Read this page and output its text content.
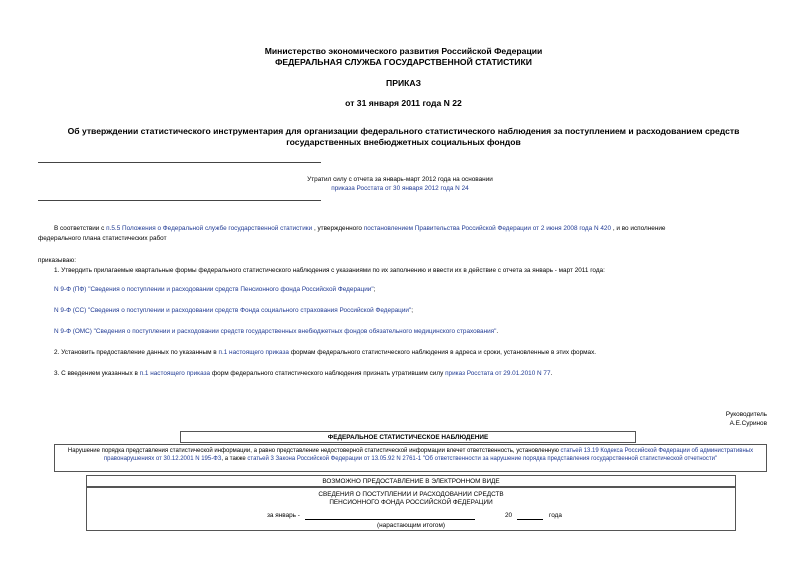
Министерство экономического развития Российской Федерации
ФЕДЕРАЛЬНАЯ СЛУЖБА ГОСУДАРСТВЕННОЙ СТАТИСТИКИ
ПРИКАЗ
от 31 января 2011 года N 22
Об утверждении статистического инструментария для организации федерального статистического наблюдения за поступлением и расходованием средств
государственных внебюджетных социальных фондов
Утратил силу с отчета за январь-март 2012 года на основании
приказа Росстата от 30 января 2012 года N 24
В соответствии с п.5.5 Положения о Федеральной службе государственной статистики , утвержденного постановлением Правительства Российской Федерации от 2 июня 2008 года N 420 , и во исполнение
федерального плана статистических работ
приказываю:
1. Утвердить прилагаемые квартальные формы федерального статистического наблюдения с указаниями по их заполнению и ввести их в действие с отчета за январь - март 2011 года:
N 9-Ф (ПФ) "Сведения о поступлении и расходовании средств Пенсионного фонда Российской Федерации";
N 9-Ф (СС) "Сведения о поступлении и расходовании средств Фонда социального страхования Российской Федерации";
N 9-Ф (ОМС) "Сведения о поступлении и расходовании средств государственных внебюджетных фондов обязательного медицинского страхования".
2. Установить предоставление данных по указанным в п.1 настоящего приказа формам федерального статистического наблюдения в адреса и сроки, установленные в этих формах.
3. С введением указанных в п.1 настоящего приказа форм федерального статистического наблюдения признать утратившим силу приказ Росстата от 29.01.2010 N 77.
Руководитель
А.Е.Суринов
ФЕДЕРАЛЬНОЕ СТАТИСТИЧЕСКОЕ НАБЛЮДЕНИЕ
Нарушение порядка представления статистической информации, а равно представление недостоверной статистической информации влечет ответственность, установленную статьей 13.19 Кодекса Российской Федерации об административных правонарушениях от 30.12.2001 N 195-ФЗ, а также статьей 3 Закона Российской Федерации от 13.05.92 N 2761-1 "Об ответственности за нарушение порядка представления государственной статистической отчетности"
ВОЗМОЖНО ПРЕДОСТАВЛЕНИЕ В ЭЛЕКТРОННОМ ВИДЕ
СВЕДЕНИЯ О ПОСТУПЛЕНИИ И РАСХОДОВАНИИ СРЕДСТВ
ПЕНСИОННОГО ФОНДА РОССИЙСКОЙ ФЕДЕРАЦИИ
за январь -	20	года
(нарастающим итогом)
